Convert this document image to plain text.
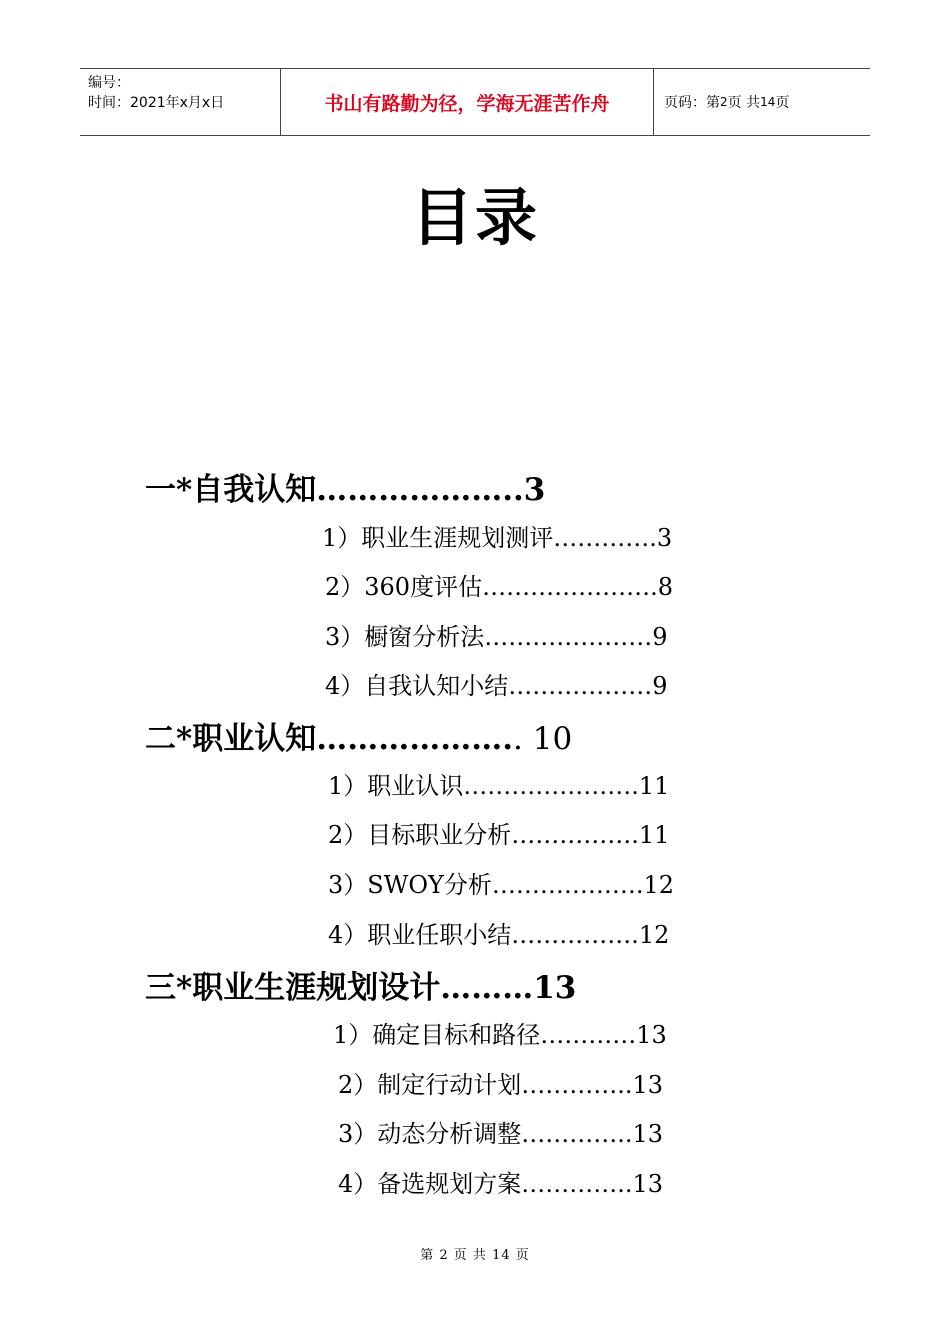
编号：
时间：2021年x月x日	书山有路勤为径，学海无涯苦作舟	页码：第 2 页 共 14 页
目录
一*自我认知………………..3
1）职业生涯规划测评………….3
2）360度评估………………….8
3）橱窗分析法…………………9
4）自我认知小结………………9
二*职业认知……………….. 10
1）职业认识………………….11
2）目标职业分析…………….11
3）SWOY分析……………….12
4）职业任职小结…………….12
三*职业生涯规划设计………13
1）确定目标和路径…………13
2）制定行动计划…………..13
3）动态分析调整…………..13
4）备选规划方案…………..13
第 2 页 共 14 页
